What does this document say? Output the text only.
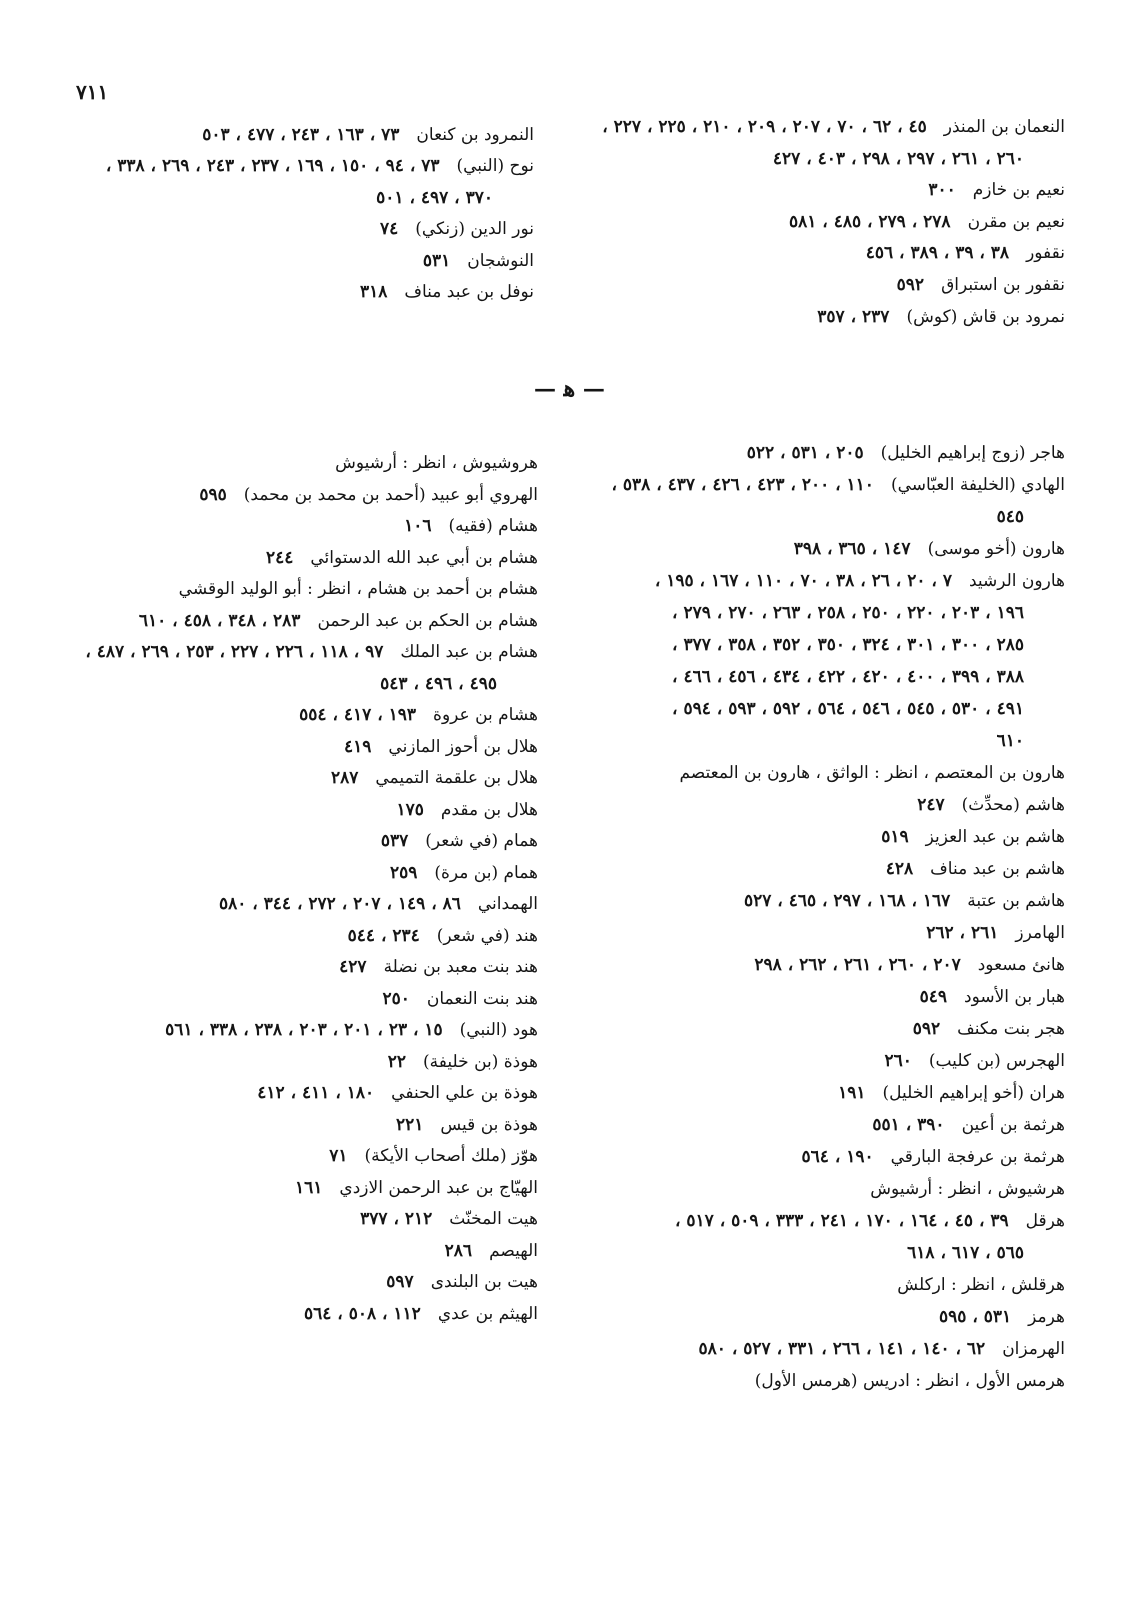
٧١١
النعمان بن المنذر ٤٥ ، ٦٢ ، ٧٠ ، ٢٠٧ ، ٢٠٩ ، ٢١٠ ، ٢٢٥ ، ٢٢٧ ،
 ٢٦٠ ، ٢٦١ ، ٢٩٧ ، ٢٩٨ ، ٤٠٣ ، ٤٢٧
نعيم بن خازم ٣٠٠
نعيم بن مقرن ٢٧٨ ، ٢٧٩ ، ٤٨٥ ، ٥٨١
نقفور ٣٨ ، ٣٩ ، ٣٨٩ ، ٤٥٦
نقفور بن استبراق ٥٩٢
نمرود بن قاش (كوش) ٢٣٧ ، ٣٥٧
النمرود بن كنعان ٧٣ ، ١٦٣ ، ٢٤٣ ، ٤٧٧ ، ٥٠٣
نوح (النبي) ٧٣ ، ٩٤ ، ١٥٠ ، ١٦٩ ، ٢٣٧ ، ٢٤٣ ، ٢٦٩ ، ٣٣٨ ،
 ٣٧٠ ، ٤٩٧ ، ٥٠١
نور الدين (زنكي) ٧٤
النوشجان ٥٣١
نوفل بن عبد مناف ٣١٨
— ﻫ —
هاجر (زوج إبراهيم الخليل) ٢٠٥ ، ٥٣١ ، ٥٢٢
الهادي (الخليفة العبّاسي) ١١٠ ، ٢٠٠ ، ٤٢٣ ، ٤٢٦ ، ٤٣٧ ، ٥٣٨ ،
 ٥٤٥
هارون (أخو موسى) ١٤٧ ، ٣٦٥ ، ٣٩٨
هارون الرشيد ٧ ، ٢٠ ، ٢٦ ، ٣٨ ، ٧٠ ، ١١٠ ، ١٦٧ ، ١٩٥ ،
 ١٩٦ ، ٢٠٣ ، ٢٢٠ ، ٢٥٠ ، ٢٥٨ ، ٢٦٣ ، ٢٧٠ ، ٢٧٩ ،
 ٢٨٥ ، ٣٠٠ ، ٣٠١ ، ٣٢٤ ، ٣٥٠ ، ٣٥٢ ، ٣٥٨ ، ٣٧٧ ،
 ٣٨٨ ، ٣٩٩ ، ٤٠٠ ، ٤٢٠ ، ٤٢٢ ، ٤٣٤ ، ٤٥٦ ، ٤٦٦ ،
 ٤٩١ ، ٥٣٠ ، ٥٤٥ ، ٥٤٦ ، ٥٦٤ ، ٥٩٢ ، ٥٩٣ ، ٥٩٤ ،
 ٦١٠
هارون بن المعتصم ، انظر : الواثق ، هارون بن المعتصم 
هاشم (محدِّث) ٢٤٧
هاشم بن عبد العزيز ٥١٩
هاشم بن عبد مناف ٤٢٨
هاشم بن عتبة ١٦٧ ، ١٦٨ ، ٢٩٧ ، ٤٦٥ ، ٥٢٧
الهامرز ٢٦١ ، ٢٦٢
هانئ مسعود ٢٠٧ ، ٢٦٠ ، ٢٦١ ، ٢٦٢ ، ٢٩٨
هبار بن الأسود ٥٤٩
هجر بنت مكنف ٥٩٢
الهجرس (بن كليب) ٢٦٠
هران (أخو إبراهيم الخليل) ١٩١
هرثمة بن أعين ٣٩٠ ، ٥٥١
هرثمة بن عرفجة البارقي ١٩٠ ، ٥٦٤
هرشيوش ، انظر : أرشيوش 
هرقل ٣٩ ، ٤٥ ، ١٦٤ ، ١٧٠ ، ٢٤١ ، ٣٣٣ ، ٥٠٩ ، ٥١٧ ،
 ٥٦٥ ، ٦١٧ ، ٦١٨
هرقلش ، انظر : اركلش 
هرمز ٥٣١ ، ٥٩٥
الهرمزان ٦٢ ، ١٤٠ ، ١٤١ ، ٢٦٦ ، ٣٣١ ، ٥٢٧ ، ٥٨٠
هرمس الأول ، انظر : ادريس (هرمس الأول) 
هروشيوش ، انظر : أرشيوش 
الهروي أبو عبيد (أحمد بن محمد بن محمد) ٥٩٥
هشام (فقيه) ١٠٦
هشام بن أبي عبد الله الدستوائي ٢٤٤
هشام بن أحمد بن هشام ، انظر : أبو الوليد الوقشي 
هشام بن الحكم بن عبد الرحمن ٢٨٣ ، ٣٤٨ ، ٤٥٨ ، ٦١٠
هشام بن عبد الملك ٩٧ ، ١١٨ ، ٢٢٦ ، ٢٢٧ ، ٢٥٣ ، ٢٦٩ ، ٤٨٧ ،
 ٤٩٥ ، ٤٩٦ ، ٥٤٣
هشام بن عروة ١٩٣ ، ٤١٧ ، ٥٥٤
هلال بن أحوز المازني ٤١٩
هلال بن علقمة التميمي ٢٨٧
هلال بن مقدم ١٧٥
همام (في شعر) ٥٣٧
همام (بن مرة) ٢٥٩
الهمداني ٨٦ ، ١٤٩ ، ٢٠٧ ، ٢٧٢ ، ٣٤٤ ، ٥٨٠
هند (في شعر) ٢٣٤ ، ٥٤٤
هند بنت معبد بن نضلة ٤٢٧
هند بنت النعمان ٢٥٠
هود (النبي) ١٥ ، ٢٣ ، ٢٠١ ، ٢٠٣ ، ٢٣٨ ، ٣٣٨ ، ٥٦١
هوذة (بن خليفة) ٢٢
هوذة بن علي الحنفي ١٨٠ ، ٤١١ ، ٤١٢
هوذة بن قيس ٢٢١
هوّز (ملك أصحاب الأيكة) ٧١
الهيّاج بن عبد الرحمن الازدي ١٦١
هيت المخنّث ٢١٢ ، ٣٧٧
الهيصم ٢٨٦
هيت بن البلندى ٥٩٧
الهيثم بن عدي ١١٢ ، ٥٠٨ ، ٥٦٤
